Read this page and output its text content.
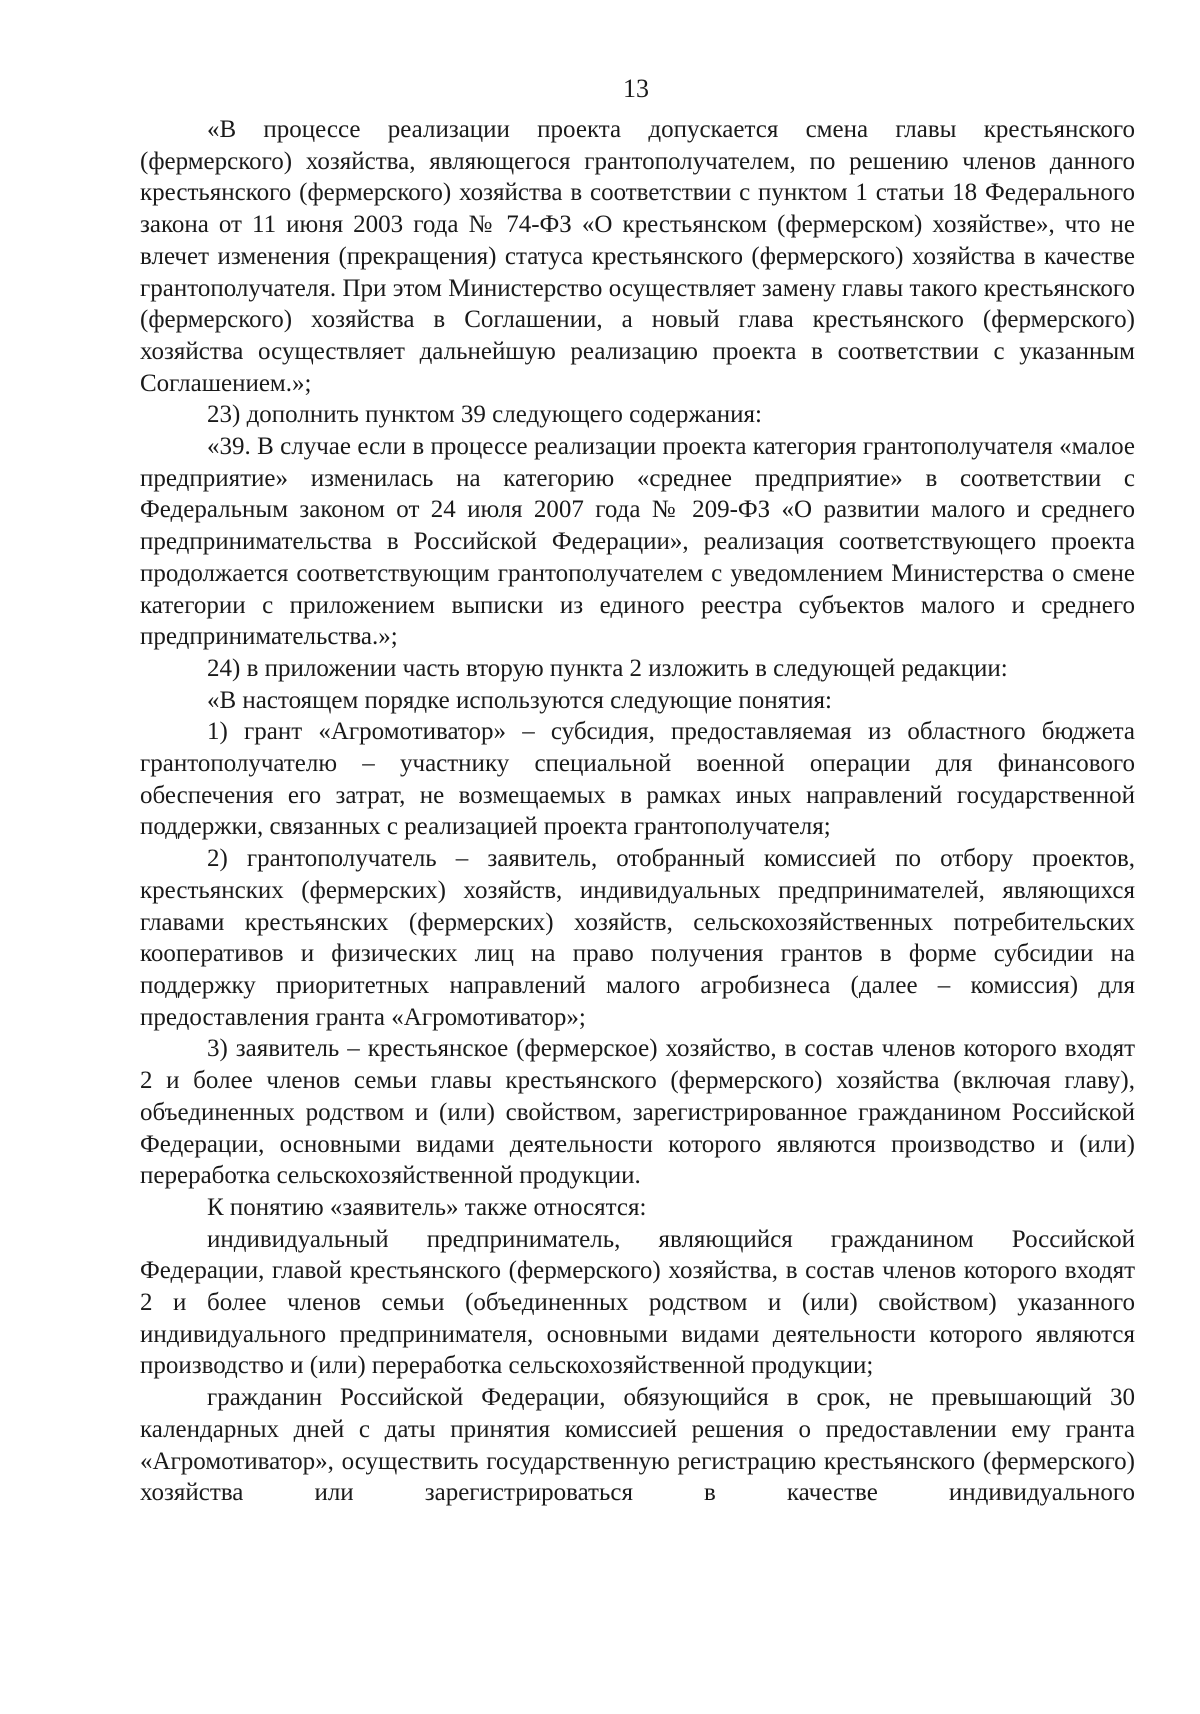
13

«В процессе реализации проекта допускается смена главы крестьянского (фермерского) хозяйства, являющегося грантополучателем, по решению членов данного крестьянского (фермерского) хозяйства в соответствии с пунктом 1 статьи 18 Федерального закона от 11 июня 2003 года № 74-ФЗ «О крестьянском (фермерском) хозяйстве», что не влечет изменения (прекращения) статуса крестьянского (фермерского) хозяйства в качестве грантополучателя. При этом Министерство осуществляет замену главы такого крестьянского (фермерского) хозяйства в Соглашении, а новый глава крестьянского (фермерского) хозяйства осуществляет дальнейшую реализацию проекта в соответствии с указанным Соглашением.»;

23) дополнить пунктом 39 следующего содержания:

«39. В случае если в процессе реализации проекта категория грантополучателя «малое предприятие» изменилась на категорию «среднее предприятие» в соответствии с Федеральным законом от 24 июля 2007 года № 209-ФЗ «О развитии малого и среднего предпринимательства в Российской Федерации», реализация соответствующего проекта продолжается соответствующим грантополучателем с уведомлением Министерства о смене категории с приложением выписки из единого реестра субъектов малого и среднего предпринимательства.»;

24) в приложении часть вторую пункта 2 изложить в следующей редакции:

«В настоящем порядке используются следующие понятия:

1) грант «Агромотиватор» – субсидия, предоставляемая из областного бюджета грантополучателю – участнику специальной военной операции для финансового обеспечения его затрат, не возмещаемых в рамках иных направлений государственной поддержки, связанных с реализацией проекта грантополучателя;

2) грантополучатель – заявитель, отобранный комиссией по отбору проектов, крестьянских (фермерских) хозяйств, индивидуальных предпринимателей, являющихся главами крестьянских (фермерских) хозяйств, сельскохозяйственных потребительских кооперативов и физических лиц на право получения грантов в форме субсидии на поддержку приоритетных направлений малого агробизнеса (далее – комиссия) для предоставления гранта «Агромотиватор»;

3) заявитель – крестьянское (фермерское) хозяйство, в состав членов которого входят 2 и более членов семьи главы крестьянского (фермерского) хозяйства (включая главу), объединенных родством и (или) свойством, зарегистрированное гражданином Российской Федерации, основными видами деятельности которого являются производство и (или) переработка сельскохозяйственной продукции.

К понятию «заявитель» также относятся:

индивидуальный предприниматель, являющийся гражданином Российской Федерации, главой крестьянского (фермерского) хозяйства, в состав членов которого входят 2 и более членов семьи (объединенных родством и (или) свойством) указанного индивидуального предпринимателя, основными видами деятельности которого являются производство и (или) переработка сельскохозяйственной продукции;

гражданин Российской Федерации, обязующийся в срок, не превышающий 30 календарных дней с даты принятия комиссией решения о предоставлении ему гранта «Агромотиватор», осуществить государственную регистрацию крестьянского (фермерского) хозяйства или зарегистрироваться в качестве индивидуального
